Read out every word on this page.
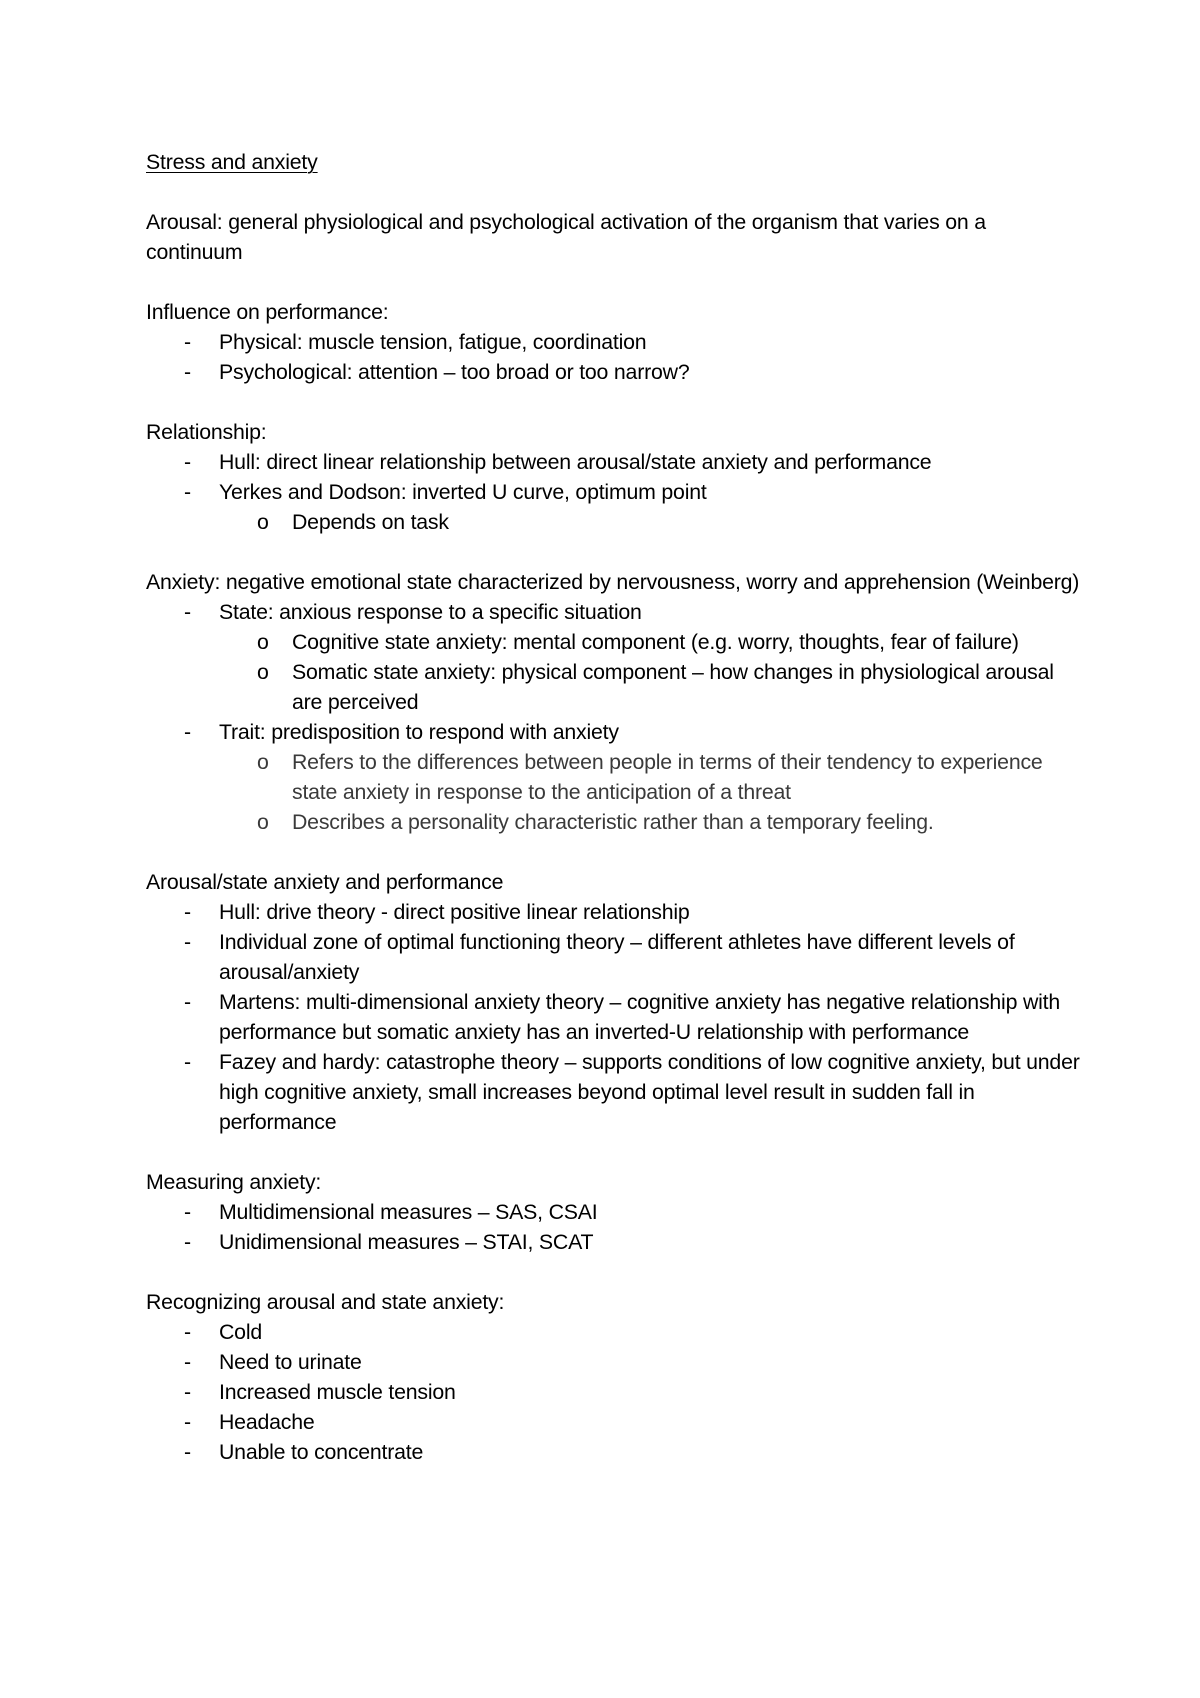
Stress and anxiety

Arousal: general physiological and psychological activation of the organism that varies on a continuum

Influence on performance:

- Physical: muscle tension, fatigue, coordination
- Psychological: attention – too broad or too narrow?

Relationship:

- Hull: direct linear relationship between arousal/state anxiety and performance
- Yerkes and Dodson: inverted U curve, optimum point
o Depends on task

Anxiety: negative emotional state characterized by nervousness, worry and apprehension (Weinberg)

- State: anxious response to a specific situation
o Cognitive state anxiety: mental component (e.g. worry, thoughts, fear of failure)
o Somatic state anxiety: physical component – how changes in physiological arousal are perceived
- Trait: predisposition to respond with anxiety
o Refers to the differences between people in terms of their tendency to experience state anxiety in response to the anticipation of a threat
o Describes a personality characteristic rather than a temporary feeling.

Arousal/state anxiety and performance

- Hull: drive theory - direct positive linear relationship
- Individual zone of optimal functioning theory – different athletes have different levels of arousal/anxiety
- Martens: multi-dimensional anxiety theory – cognitive anxiety has negative relationship with performance but somatic anxiety has an inverted-U relationship with performance
- Fazey and hardy: catastrophe theory – supports conditions of low cognitive anxiety, but under high cognitive anxiety, small increases beyond optimal level result in sudden fall in performance

Measuring anxiety:

- Multidimensional measures – SAS, CSAI
- Unidimensional measures – STAI, SCAT

Recognizing arousal and state anxiety:

- Cold
- Need to urinate
- Increased muscle tension
- Headache
- Unable to concentrate
